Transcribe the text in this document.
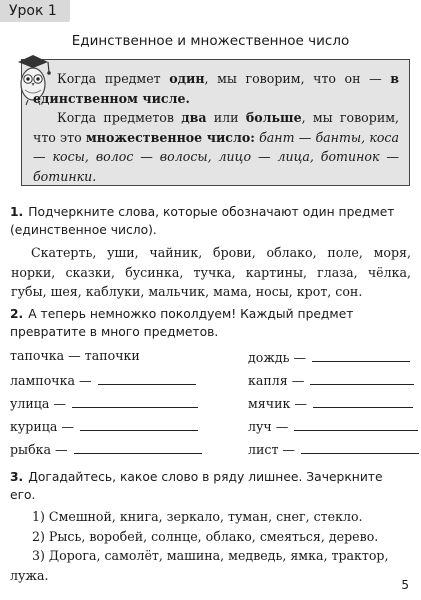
Урок 1
Единственное и множественное число

Когда предмет один, мы говорим, что он — в единственном числе.

Когда предметов два или больше, мы говорим, что это множественное число: бант — банты, коса — косы, волос — волосы, лицо — лица, ботинок — ботинки.

1. Подчеркните слова, которые обозначают один предмет (единственное число).
Скатерть, уши, чайник, брови, облако, поле, моря, норки, сказки, бусинка, тучка, картины, глаза, чёлка, губы, шея, каблуки, мальчик, мама, носы, крот, сон.
2. А теперь немножко поколдуем! Каждый предмет превратите в много предметов.
тапочка — тапочки	дождь —
лампочка —	капля —
улица —	мячик —
курица —	луч —
рыбка —	лист —
3. Догадайтесь, какое слово в ряду лишнее. Зачеркните его.
1) Смешной, книга, зеркало, туман, снег, стекло.
2) Рысь, воробей, солнце, облако, смеяться, дерево.
3) Дорога, самолёт, машина, медведь, ямка, трактор,
лужа.
5
